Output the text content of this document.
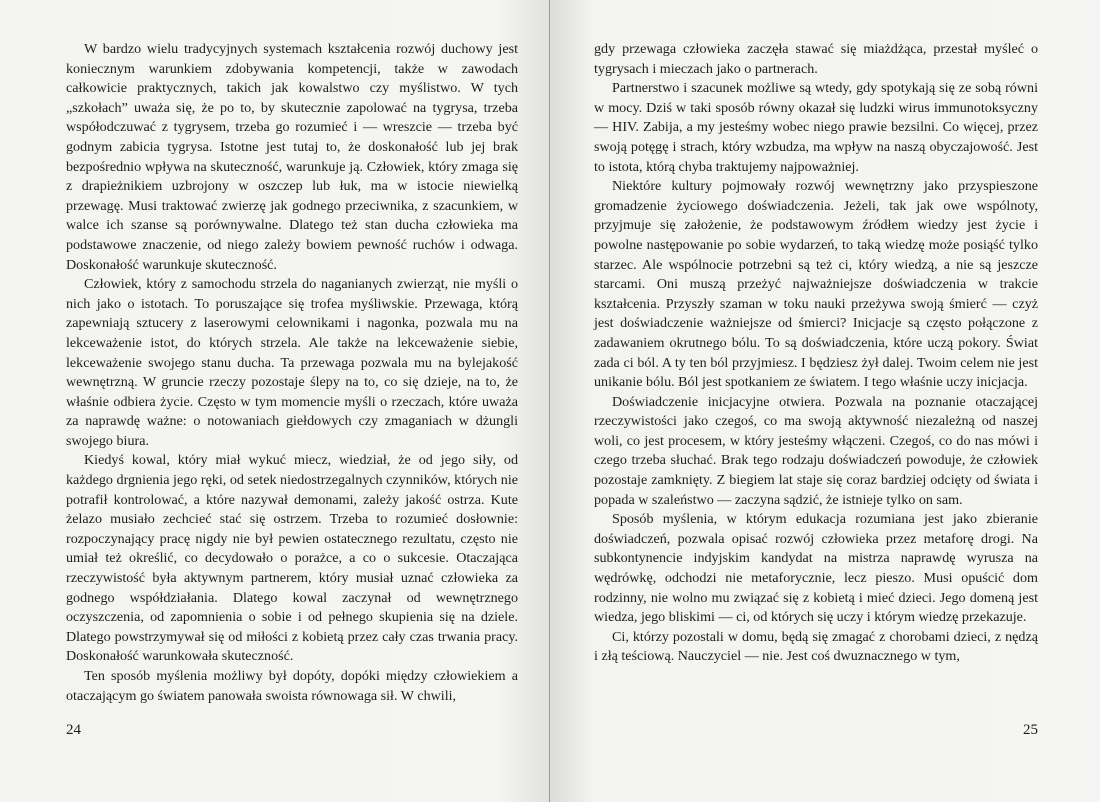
W bardzo wielu tradycyjnych systemach kształcenia rozwój duchowy jest koniecznym warunkiem zdobywania kompetencji, także w zawodach całkowicie praktycznych, takich jak kowalstwo czy myślistwo. W tych „szkołach” uważa się, że po to, by skutecznie zapolować na tygrysa, trzeba współodczuwać z tygrysem, trzeba go rozumieć i — wreszcie — trzeba być godnym zabicia tygrysa. Istotne jest tutaj to, że doskonałość lub jej brak bezpośrednio wpływa na skuteczność, warunkuje ją. Człowiek, który zmaga się z drapieżnikiem uzbrojony w oszczep lub łuk, ma w istocie niewielką przewagę. Musi traktować zwierzę jak godnego przeciwnika, z szacunkiem, w walce ich szanse są porównywalne. Dlatego też stan ducha człowieka ma podstawowe znaczenie, od niego zależy bowiem pewność ruchów i odwaga. Doskonałość warunkuje skuteczność.

Człowiek, który z samochodu strzela do naganianych zwierząt, nie myśli o nich jako o istotach. To poruszające się trofea myśliwskie. Przewaga, którą zapewniają sztucery z laserowymi celownikami i nagonka, pozwala mu na lekceważenie istot, do których strzela. Ale także na lekceważenie siebie, lekceważenie swojego stanu ducha. Ta przewaga pozwala mu na bylejakość wewnętrzną. W gruncie rzeczy pozostaje ślepy na to, co się dzieje, na to, że właśnie odbiera życie. Często w tym momencie myśli o rzeczach, które uważa za naprawdę ważne: o notowaniach giełdowych czy zmaganiach w dżungli swojego biura.

Kiedyś kowal, który miał wykuć miecz, wiedział, że od jego siły, od każdego drgnienia jego ręki, od setek niedostrzegalnych czynników, których nie potrafił kontrolować, a które nazywał demonami, zależy jakość ostrza. Kute żelazo musiało zechcieć stać się ostrzem. Trzeba to rozumieć dosłownie: rozpoczynający pracę nigdy nie był pewien ostatecznego rezultatu, często nie umiał też określić, co decydowało o porażce, a co o sukcesie. Otaczająca rzeczywistość była aktywnym partnerem, który musiał uznać człowieka za godnego współdziałania. Dlatego kowal zaczynał od wewnętrznego oczyszczenia, od zapomnienia o sobie i od pełnego skupienia się na dziele. Dlatego powstrzymywał się od miłości z kobietą przez cały czas trwania pracy. Doskonałość warunkowała skuteczność.

Ten sposób myślenia możliwy był dopóty, dopóki między człowiekiem a otaczającym go światem panowała swoista równowaga sił. W chwili,

24

gdy przewaga człowieka zaczęła stawać się miażdżąca, przestał myśleć o tygrysach i mieczach jako o partnerach.

Partnerstwo i szacunek możliwe są wtedy, gdy spotykają się ze sobą równi w mocy. Dziś w taki sposób równy okazał się ludzki wirus immunotoksyczny — HIV. Zabija, a my jesteśmy wobec niego prawie bezsilni. Co więcej, przez swoją potęgę i strach, który wzbudza, ma wpływ na naszą obyczajowość. Jest to istota, którą chyba traktujemy najpoważniej.

Niektóre kultury pojmowały rozwój wewnętrzny jako przyspieszone gromadzenie życiowego doświadczenia. Jeżeli, tak jak owe wspólnoty, przyjmuje się założenie, że podstawowym źródłem wiedzy jest życie i powolne następowanie po sobie wydarzeń, to taką wiedzę może posiąść tylko starzec. Ale wspólnocie potrzebni są też ci, który wiedzą, a nie są jeszcze starcami. Oni muszą przeżyć najważniejsze doświadczenia w trakcie kształcenia. Przyszły szaman w toku nauki przeżywa swoją śmierć — czyż jest doświadczenie ważniejsze od śmierci? Inicjacje są często połączone z zadawaniem okrutnego bólu. To są doświadczenia, które uczą pokory. Świat zada ci ból. A ty ten ból przyjmiesz. I będziesz żył dalej. Twoim celem nie jest unikanie bólu. Ból jest spotkaniem ze światem. I tego właśnie uczy inicjacja.

Doświadczenie inicjacyjne otwiera. Pozwala na poznanie otaczającej rzeczywistości jako czegoś, co ma swoją aktywność niezależną od naszej woli, co jest procesem, w który jesteśmy włączeni. Czegoś, co do nas mówi i czego trzeba słuchać. Brak tego rodzaju doświadczeń powoduje, że człowiek pozostaje zamknięty. Z biegiem lat staje się coraz bardziej odcięty od świata i popada w szaleństwo — zaczyna sądzić, że istnieje tylko on sam.

Sposób myślenia, w którym edukacja rozumiana jest jako zbieranie doświadczeń, pozwala opisać rozwój człowieka przez metaforę drogi. Na subkontynencie indyjskim kandydat na mistrza naprawdę wyrusza na wędrówkę, odchodzi nie metaforycznie, lecz pieszo. Musi opuścić dom rodzinny, nie wolno mu związać się z kobietą i mieć dzieci. Jego domeną jest wiedza, jego bliskimi — ci, od których się uczy i którym wiedzę przekazuje.

Ci, którzy pozostali w domu, będą się zmagać z chorobami dzieci, z nędzą i złą teściową. Nauczyciel — nie. Jest coś dwuznacznego w tym,

25
